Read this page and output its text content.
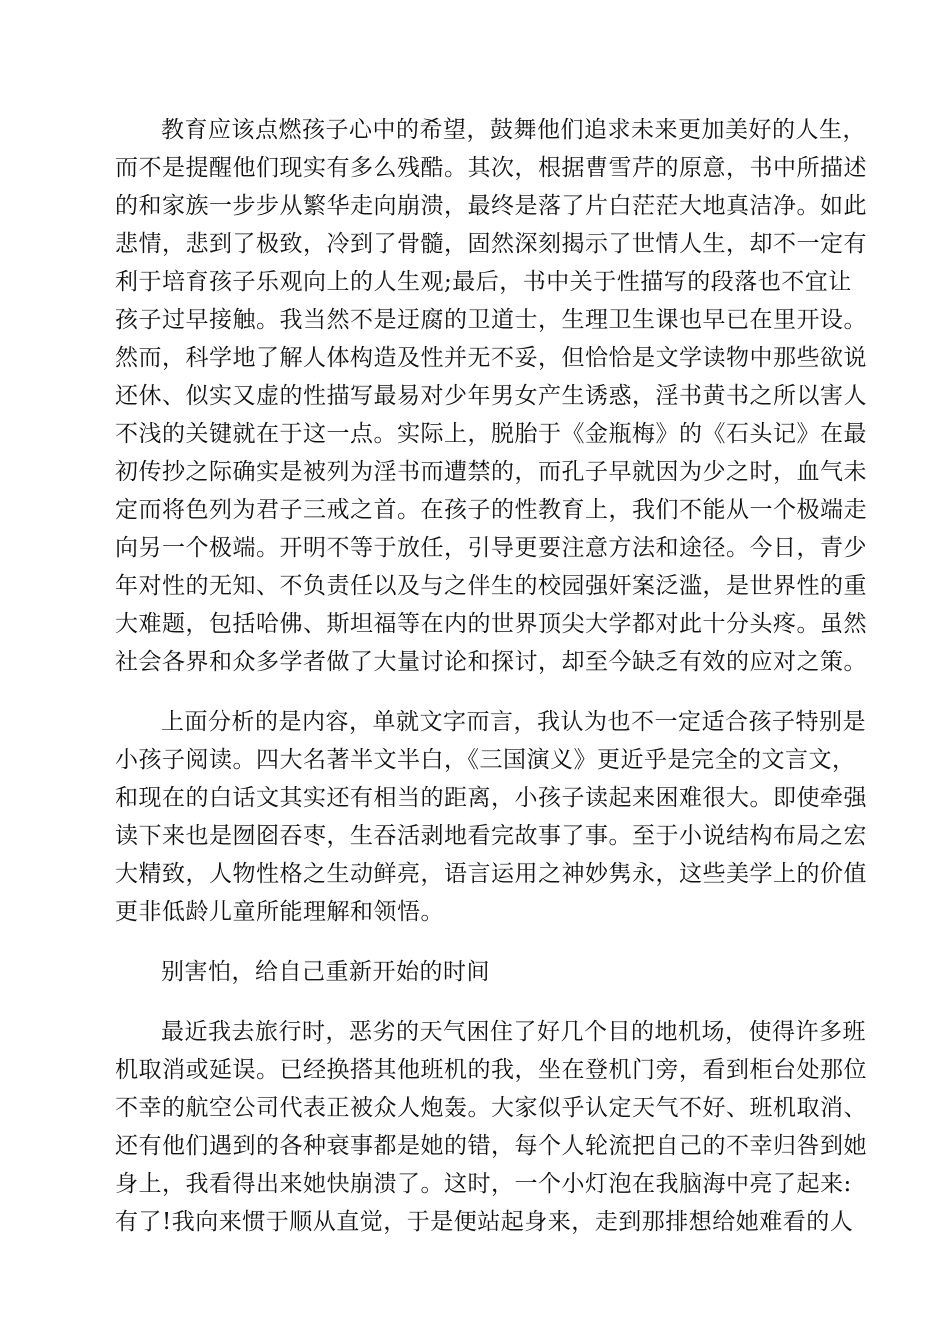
教育应该点燃孩子心中的希望，鼓舞他们追求未来更加美好的人生，
而不是提醒他们现实有多么残酷。其次，根据曹雪芹的原意，书中所描述
的和家族一步步从繁华走向崩溃，最终是落了片白茫茫大地真洁净。如此
悲情，悲到了极致，冷到了骨髓，固然深刻揭示了世情人生，却不一定有
利于培育孩子乐观向上的人生观;最后，书中关于性描写的段落也不宜让
孩子过早接触。我当然不是迂腐的卫道士，生理卫生课也早已在里开设。
然而，科学地了解人体构造及性并无不妥，但恰恰是文学读物中那些欲说
还休、似实又虚的性描写最易对少年男女产生诱惑，淫书黄书之所以害人
不浅的关键就在于这一点。实际上，脱胎于《金瓶梅》的《石头记》在最
初传抄之际确实是被列为淫书而遭禁的，而孔子早就因为少之时，血气未
定而将色列为君子三戒之首。在孩子的性教育上，我们不能从一个极端走
向另一个极端。开明不等于放任，引导更要注意方法和途径。今日，青少
年对性的无知、不负责任以及与之伴生的校园强奸案泛滥，是世界性的重
大难题，包括哈佛、斯坦福等在内的世界顶尖大学都对此十分头疼。虽然
社会各界和众多学者做了大量讨论和探讨，却至今缺乏有效的应对之策。

上面分析的是内容，单就文字而言，我认为也不一定适合孩子特别是
小孩子阅读。四大名著半文半白，《三国演义》更近乎是完全的文言文，
和现在的白话文其实还有相当的距离，小孩子读起来困难很大。即使牵强
读下来也是囫囵吞枣，生吞活剥地看完故事了事。至于小说结构布局之宏
大精致，人物性格之生动鲜亮，语言运用之神妙隽永，这些美学上的价值
更非低龄儿童所能理解和领悟。

别害怕，给自己重新开始的时间

最近我去旅行时，恶劣的天气困住了好几个目的地机场，使得许多班
机取消或延误。已经换搭其他班机的我，坐在登机门旁，看到柜台处那位
不幸的航空公司代表正被众人炮轰。大家似乎认定天气不好、班机取消、
还有他们遇到的各种衰事都是她的错，每个人轮流把自己的不幸归咎到她
身上，我看得出来她快崩溃了。这时，一个小灯泡在我脑海中亮了起来:
有了!我向来惯于顺从直觉，于是便站起身来，走到那排想给她难看的人
